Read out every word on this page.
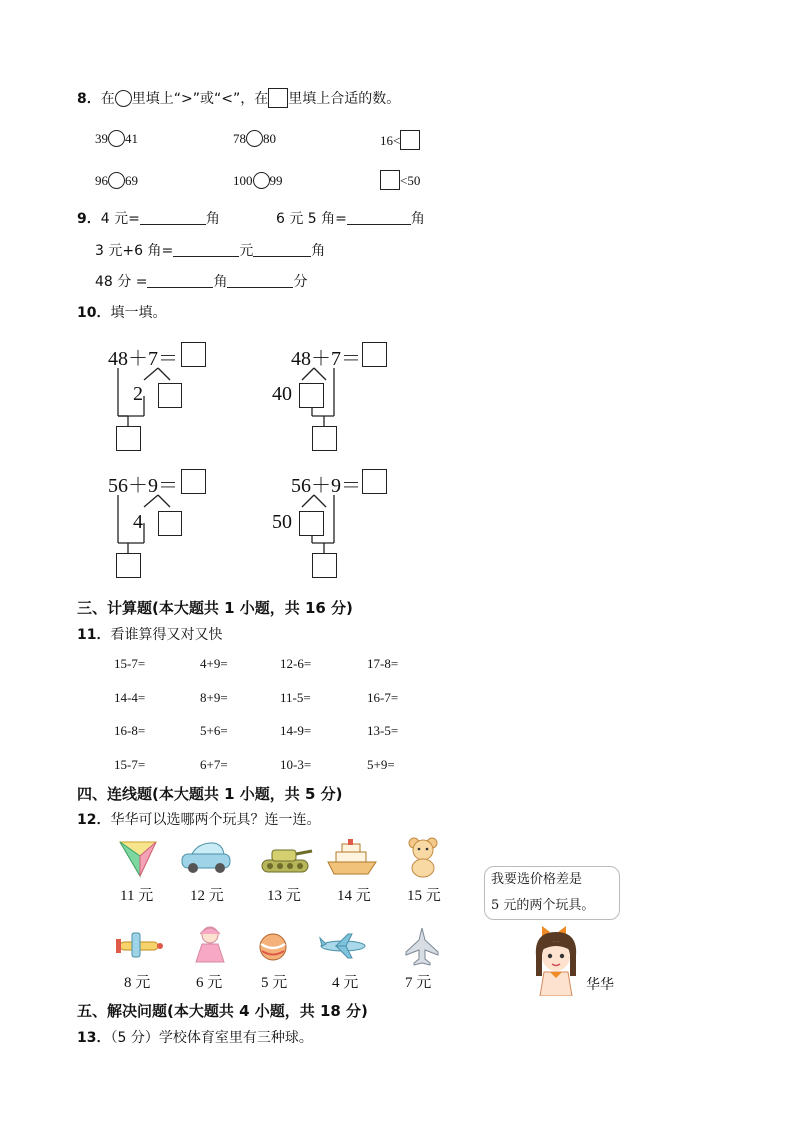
8．在 里填上“>”或“<”，在 里填上合适的数。
39 41	78 80	16<
96 69	100 99	<50
9．4 元=	角	6 元 5 角=	角
3 元+6 角=	元	角
48 分 =	角	分
10．填一填。
48＋7＝
2
48＋7＝
40
56＋9＝
4
56＋9＝
50
三、计算题(本大题共 1 小题，共 16 分)
11．看谁算得又对又快
15-7=	4+9=	12-6=	17-8=
14-4=	8+9=	11-5=	16-7=
16-8=	5+6=	14-9=	13-5=
15-7=	6+7=	10-3=	5+9=
四、连线题(本大题共 1 小题，共 5 分)
12．华华可以选哪两个玩具？连一连。
11 元 12 元	13 元 14 元 15 元
我要选价格差是
5 元的两个玩具。
8 元	6 元	5 元	4 元	7 元	华华
五、解决问题(本大题共 4 小题，共 18 分)
13．（5 分）学校体育室里有三种球。
